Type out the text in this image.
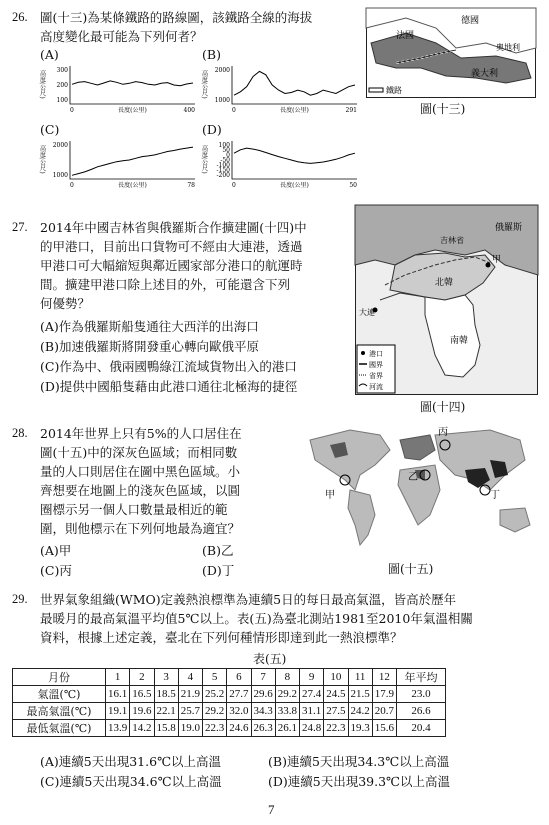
26. 圖(十三)為某條鐵路的路線圖，該鐵路全線的海拔
高度變化最可能為下列何者？
(A)	(B)
(C)	(D)
高度(公尺) 300
200
100
0	400
長度(公里)
高度(公尺) 2000
1000
0	291
長度(公里)
高度(公尺) 2000
1000
0	78
長度(公里)
高度(公尺) 100
50
0
-50
-100
-150
-200
0	50
長度(公里)
德國
法國
奧地利
義大利
鐵路
圖(十三)
27. 2014年中國吉林省與俄羅斯合作擴建圖(十四)中
的甲港口，目前出口貨物可不經由大連港，透過
甲港口可大幅縮短與鄰近國家部分港口的航運時
間。擴建甲港口除上述目的外，可能還含下列
何優勢？
(A)作為俄羅斯船隻通往大西洋的出海口
(B)加速俄羅斯將開發重心轉向歐俄平原
(C)作為中、俄兩國鴨綠江流域貨物出入的港口
(D)提供中國船隻藉由此港口通往北極海的捷徑
俄羅斯
吉林省
甲
大連
北韓
南韓
港口
國界
省界
河流
圖(十四)
28. 2014年世界上只有5%的人口居住在
圖(十五)中的深灰色區域；而相同數
量的人口則居住在圖中黑色區域。小
齊想要在地圖上的淺灰色區域，以圓
圈標示另一個人口數量最相近的範
圍，則他標示在下列何地最為適宜？
(A)甲	(B)乙
(C)丙	(D)丁
甲
乙
丙
丁
圖(十五)
29. 世界氣象組織(WMO)定義熱浪標準為連續5日的每日最高氣溫，皆高於歷年
最暖月的最高氣溫平均值5℃以上。表(五)為臺北測站1981至2010年氣溫相關
資料，根據上述定義，臺北在下列何種情形即達到此一熱浪標準？
表(五)
月份	1	2	3	4	5	6	7	8	9	10	11	12	年平均
氣溫(℃)	16.1	16.5	18.5	21.9	25.2	27.7	29.6	29.2	27.4	24.5	21.5	17.9	23.0
最高氣溫(℃)	19.1	19.6	22.1	25.7	29.2	32.0	34.3	33.8	31.1	27.5	24.2	20.7	26.6
最低氣溫(℃)	13.9	14.2	15.8	19.0	22.3	24.6	26.3	26.1	24.8	22.3	19.3	15.6	20.4
(A)連續5天出現31.6℃以上高溫	(B)連續5天出現34.3℃以上高溫
(C)連續5天出現34.6℃以上高溫	(D)連續5天出現39.3℃以上高溫
7
